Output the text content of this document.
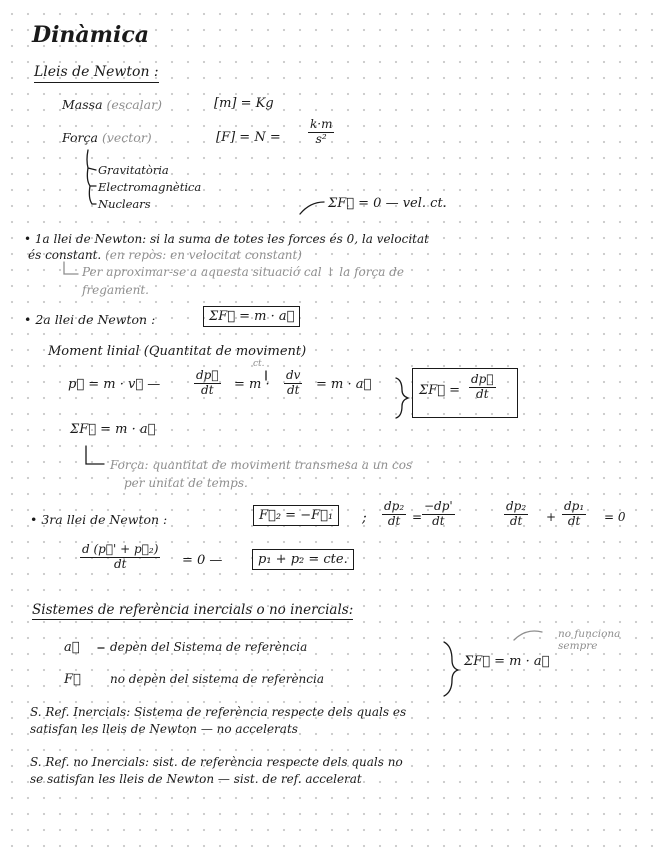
Dinàmica
Lleis de Newton :
Massa (escalar)	[m] = Kg
Força (vector)	[F] = N =
k·m
s²
Gravitatòria
Electromagnètica
Nuclears	ΣF⃗ = 0 — vel. ct.
• 1a llei de Newton: si la suma de totes les forces és 0, la velocitat
és constant. (en repòs: en velocitat constant)
Per aproximar-se a aquesta situació cal ↓ la força de
fregament.
• 2a llei de Newton :	ΣF⃗ = m · a⃗
Moment linial (Quantitat de moviment)
p⃗ = m · v⃗ —
dp⃗
dt
ct.
= m ·
dv
dt = m · a⃗	ΣF⃗ =
dp⃗
dt
ΣF⃗ = m · a⃗
Força: quantitat de moviment transmesa a un cos
per unitat de temps.
• 3ra llei de Newton :	F⃗₂ = −F⃗₁	;
dp₂
dt =
−dp'
dt
dp₂
dt +
dp₁
dt = 0
d (p⃗' + p⃗₂)
dt	= 0 —	p₁ + p₂ = cte.
Sistemes de referència inercials o no inercials:
a⃗	depèn del Sistema de referència
F⃗ no depèn del sistema de referència
ΣF⃗ = m · a⃗
no funciona sempre
S. Ref. Inercials: Sistema de referència respecte dels quals es
satisfan les lleis de Newton — no accelerats
S. Ref. no Inercials: sist. de referència respecte dels quals no
se satisfan les lleis de Newton — sist. de ref. accelerat
